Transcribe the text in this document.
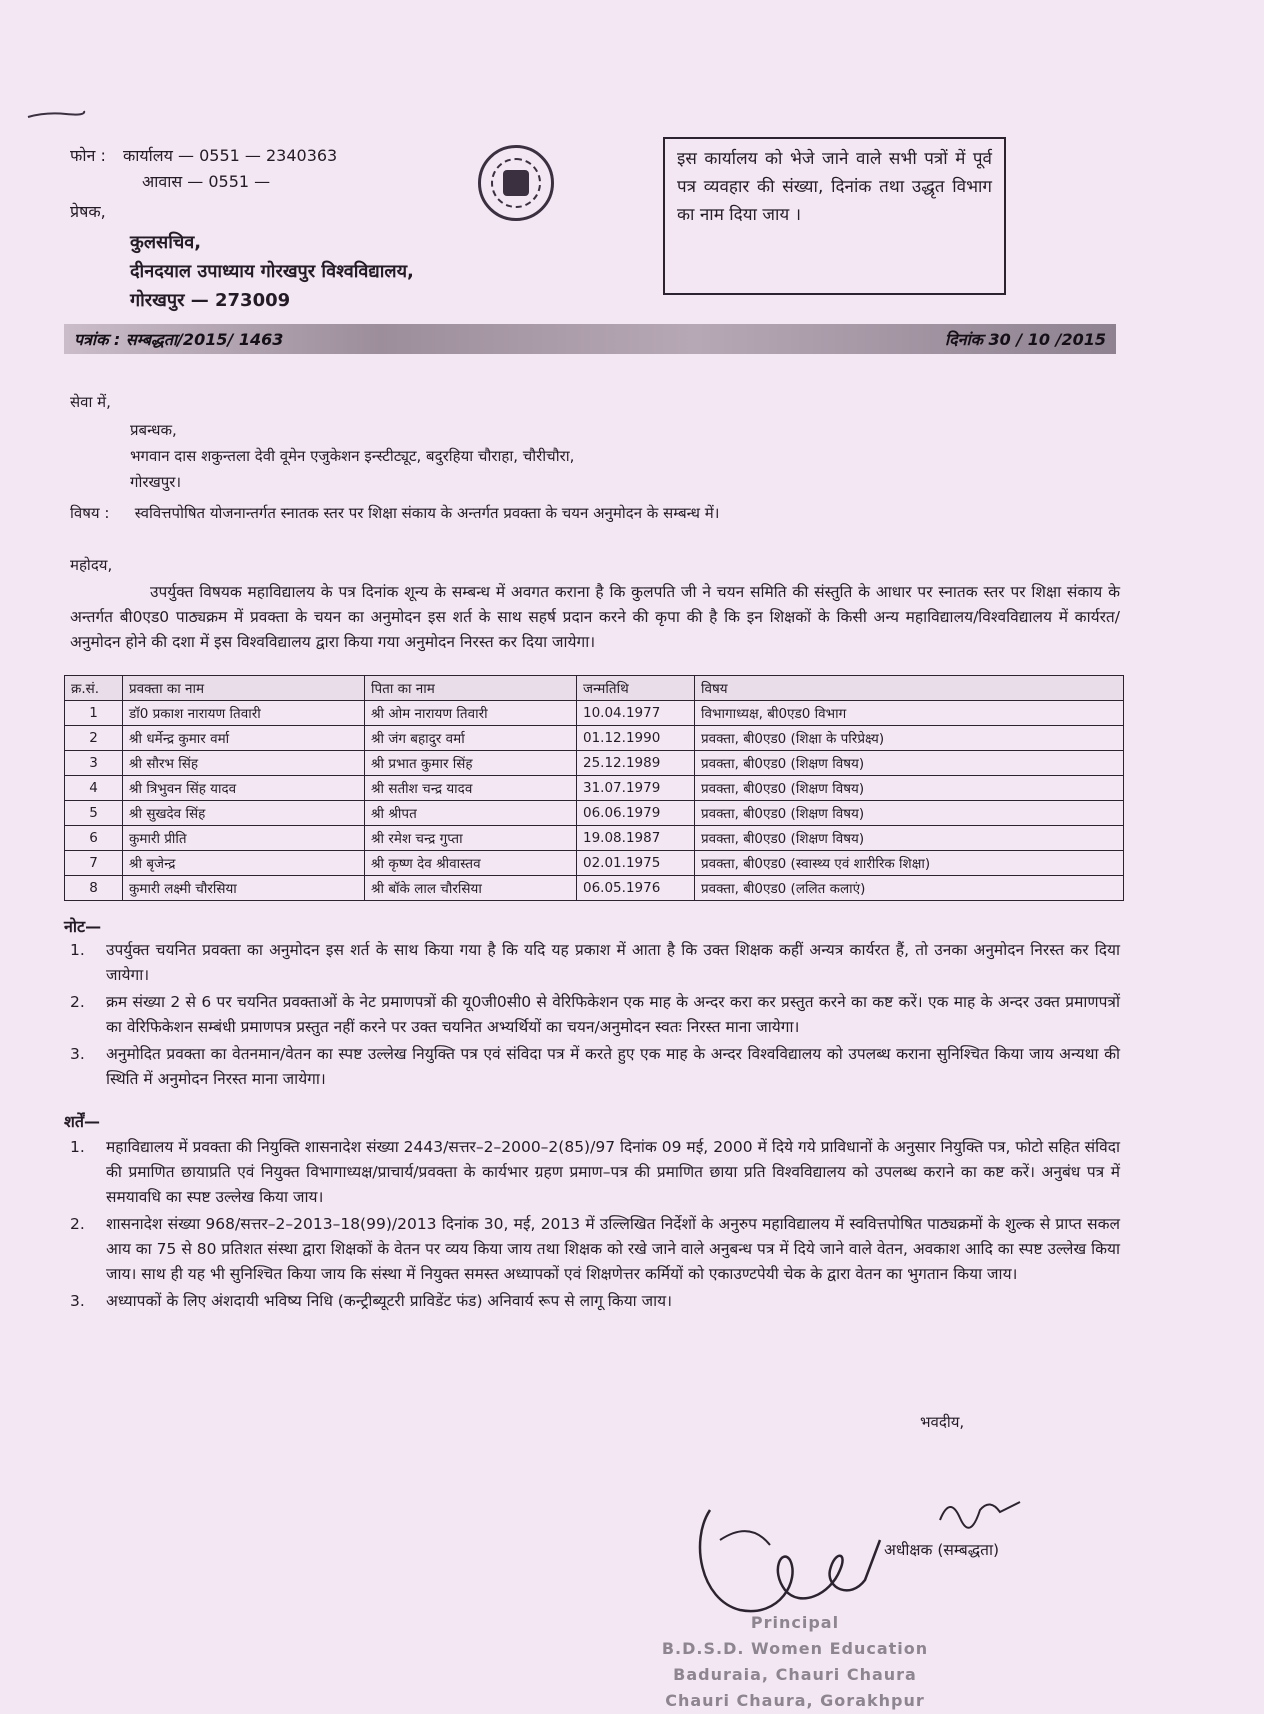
फोन : कार्यालय — 0551 — 2340363
आवास — 0551 —
इस कार्यालय को भेजे जाने वाले सभी पत्रों में पूर्व पत्र व्यवहार की संख्या, दिनांक तथा उद्धृत विभाग का नाम दिया जाय ।
प्रेषक,
कुलसचिव,
दीनदयाल उपाध्याय गोरखपुर विश्वविद्यालय,
गोरखपुर — 273009
पत्रांक : सम्बद्धता/2015/ 1463	दिनांक 30 / 10 /2015
सेवा में,
प्रबन्धक,
भगवान दास शकुन्तला देवी वूमेन एजुकेशन इन्स्टीट्यूट, बदुरहिया चौराहा, चौरीचौरा,
गोरखपुर।
विषय : स्ववित्तपोषित योजनान्तर्गत स्नातक स्तर पर शिक्षा संकाय के अन्तर्गत प्रवक्ता के चयन अनुमोदन के सम्बन्ध में।
महोदय,
उपर्युक्त विषयक महाविद्यालय के पत्र दिनांक शून्य के सम्बन्ध में अवगत कराना है कि कुलपति जी ने चयन समिति की संस्तुति के आधार पर स्नातक स्तर पर शिक्षा संकाय के अन्तर्गत बी0एड0 पाठ्यक्रम में प्रवक्ता के चयन का अनुमोदन इस शर्त के साथ सहर्ष प्रदान करने की कृपा की है कि इन शिक्षकों के किसी अन्य महाविद्यालय/विश्वविद्यालय में कार्यरत/अनुमोदन होने की दशा में इस विश्वविद्यालय द्वारा किया गया अनुमोदन निरस्त कर दिया जायेगा।
क्र.सं.	प्रवक्ता का नाम	पिता का नाम	जन्मतिथि	विषय
1	डॉ0 प्रकाश नारायण तिवारी	श्री ओम नारायण तिवारी	10.04.1977	विभागाध्यक्ष, बी0एड0 विभाग
2	श्री धर्मेन्द्र कुमार वर्मा	श्री जंग बहादुर वर्मा	01.12.1990	प्रवक्ता, बी0एड0 (शिक्षा के परिप्रेक्ष्य)
3	श्री सौरभ सिंह	श्री प्रभात कुमार सिंह	25.12.1989	प्रवक्ता, बी0एड0 (शिक्षण विषय)
4	श्री त्रिभुवन सिंह यादव	श्री सतीश चन्द्र यादव	31.07.1979	प्रवक्ता, बी0एड0 (शिक्षण विषय)
5	श्री सुखदेव सिंह	श्री श्रीपत	06.06.1979	प्रवक्ता, बी0एड0 (शिक्षण विषय)
6	कुमारी प्रीति	श्री रमेश चन्द्र गुप्ता	19.08.1987	प्रवक्ता, बी0एड0 (शिक्षण विषय)
7	श्री बृजेन्द्र	श्री कृष्ण देव श्रीवास्तव	02.01.1975	प्रवक्ता, बी0एड0 (स्वास्थ्य एवं शारीरिक शिक्षा)
8	कुमारी लक्ष्मी चौरसिया	श्री बॉके लाल चौरसिया	06.05.1976	प्रवक्ता, बी0एड0 (ललित कलाएं)
नोट—
1.	उपर्युक्त चयनित प्रवक्ता का अनुमोदन इस शर्त के साथ किया गया है कि यदि यह प्रकाश में आता है कि उक्त शिक्षक कहीं अन्यत्र कार्यरत हैं, तो उनका अनुमोदन निरस्त कर दिया जायेगा।
2.	क्रम संख्या 2 से 6 पर चयनित प्रवक्ताओं के नेट प्रमाणपत्रों की यू0जी0सी0 से वेरिफिकेशन एक माह के अन्दर करा कर प्रस्तुत करने का कष्ट करें। एक माह के अन्दर उक्त प्रमाणपत्रों का वेरिफिकेशन सम्बंधी प्रमाणपत्र प्रस्तुत नहीं करने पर उक्त चयनित अभ्यर्थियों का चयन/अनुमोदन स्वतः निरस्त माना जायेगा।
3.	अनुमोदित प्रवक्ता का वेतनमान/वेतन का स्पष्ट उल्लेख नियुक्ति पत्र एवं संविदा पत्र में करते हुए एक माह के अन्दर विश्वविद्यालय को उपलब्ध कराना सुनिश्चित किया जाय अन्यथा की स्थिति में अनुमोदन निरस्त माना जायेगा।
शर्तें—
1.	महाविद्यालय में प्रवक्ता की नियुक्ति शासनादेश संख्या 2443/सत्तर–2–2000–2(85)/97 दिनांक 09 मई, 2000 में दिये गये प्राविधानों के अनुसार नियुक्ति पत्र, फोटो सहित संविदा की प्रमाणित छायाप्रति एवं नियुक्त विभागाध्यक्ष/प्राचार्य/प्रवक्ता के कार्यभार ग्रहण प्रमाण–पत्र की प्रमाणित छाया प्रति विश्वविद्यालय को उपलब्ध कराने का कष्ट करें। अनुबंध पत्र में समयावधि का स्पष्ट उल्लेख किया जाय।
2.	शासनादेश संख्या 968/सत्तर–2–2013–18(99)/2013 दिनांक 30, मई, 2013 में उल्लिखित निर्देशों के अनुरुप महाविद्यालय में स्ववित्तपोषित पाठ्यक्रमों के शुल्क से प्राप्त सकल आय का 75 से 80 प्रतिशत संस्था द्वारा शिक्षकों के वेतन पर व्यय किया जाय तथा शिक्षक को रखे जाने वाले अनुबन्ध पत्र में दिये जाने वाले वेतन, अवकाश आदि का स्पष्ट उल्लेख किया जाय। साथ ही यह भी सुनिश्चित किया जाय कि संस्था में नियुक्त समस्त अध्यापकों एवं शिक्षणेत्तर कर्मियों को एकाउण्टपेयी चेक के द्वारा वेतन का भुगतान किया जाय।
3.	अध्यापकों के लिए अंशदायी भविष्य निधि (कन्ट्रीब्यूटरी प्राविडेंट फंड) अनिवार्य रूप से लागू किया जाय।
भवदीय,
अधीक्षक (सम्बद्धता)
Principal
B.D.S.D. Women Education
Baduraia, Chauri Chaura
Chauri Chaura, Gorakhpur
